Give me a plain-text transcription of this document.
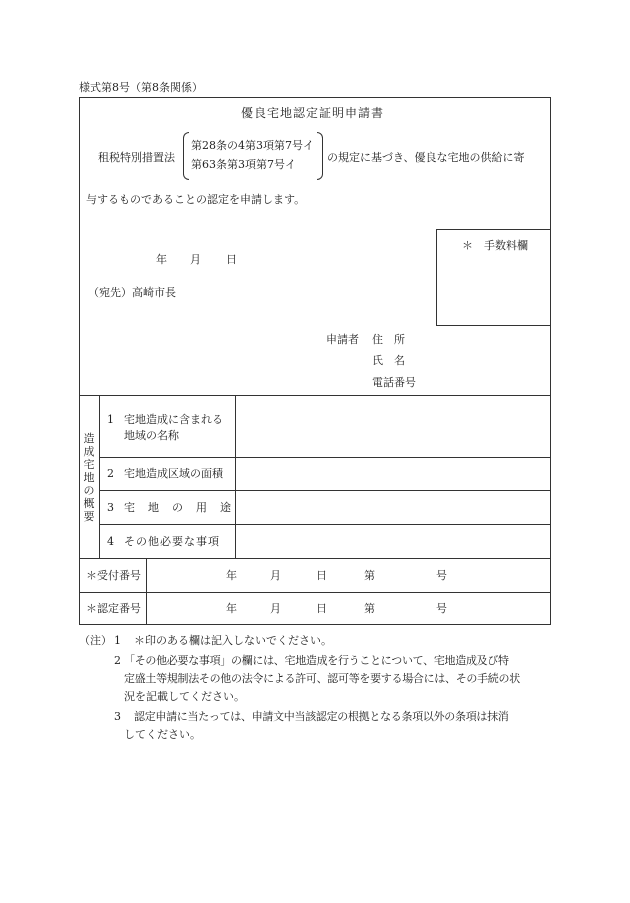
様式第8号（第8条関係）
優良宅地認定証明申請書
租税特別措置法
第28条の4第3項第7号イ
第63条第3項第7号イ
の規定に基づき、優良な宅地の供給に寄
与するものであることの認定を申請します。
＊　手数料欄
年 月 日
（宛先）高崎市長
申請者 住　所
氏　名
電話番号
造成宅地の概要
1 宅地造成に含まれる
地域の名称
2 宅地造成区域の面積
3 宅　地　の　用　途
4 その他必要な事項
＊受付番号	年	月	日	第	号
＊認定番号	年	月	日	第	号
（注） 1 ＊印のある欄は記入しないでください。
2 「その他必要な事項」の欄には、宅地造成を行うことについて、宅地造成及び特
定盛土等規制法その他の法令による許可、認可等を要する場合には、その手続の状
況を記載してください。
3 認定申請に当たっては、申請文中当該認定の根拠となる条項以外の条項は抹消
してください。
